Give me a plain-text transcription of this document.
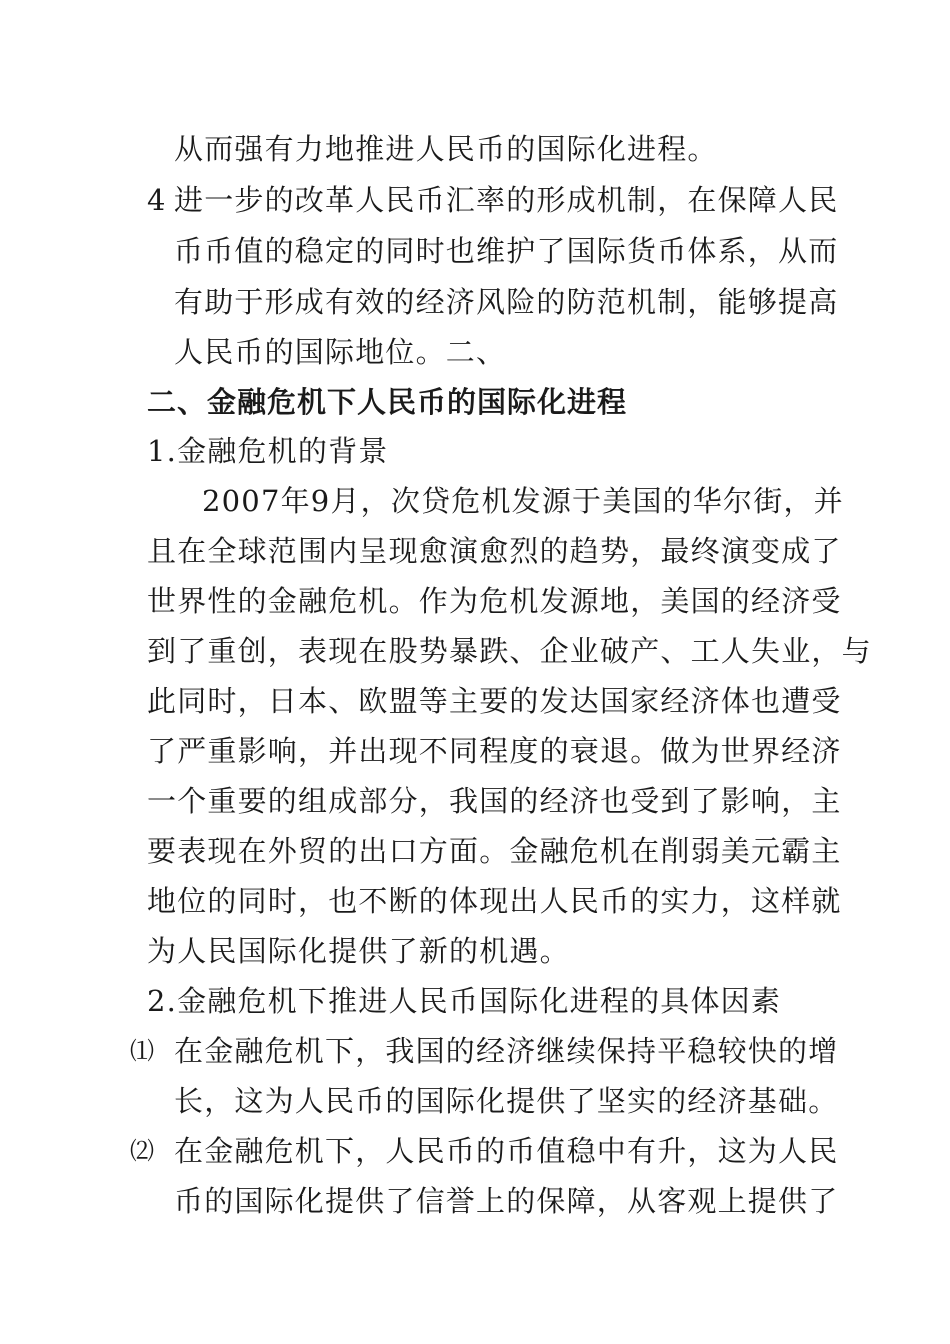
从而强有力地推进人民币的国际化进程。
4 进一步的改革人民币汇率的形成机制，在保障人民
币币值的稳定的同时也维护了国际货币体系，从而
有助于形成有效的经济风险的防范机制，能够提高
人民币的国际地位。二、
二、金融危机下人民币的国际化进程
1.金融危机的背景
2007年9月，次贷危机发源于美国的华尔街，并
且在全球范围内呈现愈演愈烈的趋势，最终演变成了
世界性的金融危机。作为危机发源地，美国的经济受
到了重创，表现在股势暴跌、企业破产、工人失业，与
此同时，日本、欧盟等主要的发达国家经济体也遭受
了严重影响，并出现不同程度的衰退。做为世界经济
一个重要的组成部分，我国的经济也受到了影响，主
要表现在外贸的出口方面。金融危机在削弱美元霸主
地位的同时，也不断的体现出人民币的实力，这样就
为人民国际化提供了新的机遇。
2.金融危机下推进人民币国际化进程的具体因素
⑴ 在金融危机下，我国的经济继续保持平稳较快的增
长，这为人民币的国际化提供了坚实的经济基础。
⑵ 在金融危机下，人民币的币值稳中有升，这为人民
币的国际化提供了信誉上的保障，从客观上提供了
